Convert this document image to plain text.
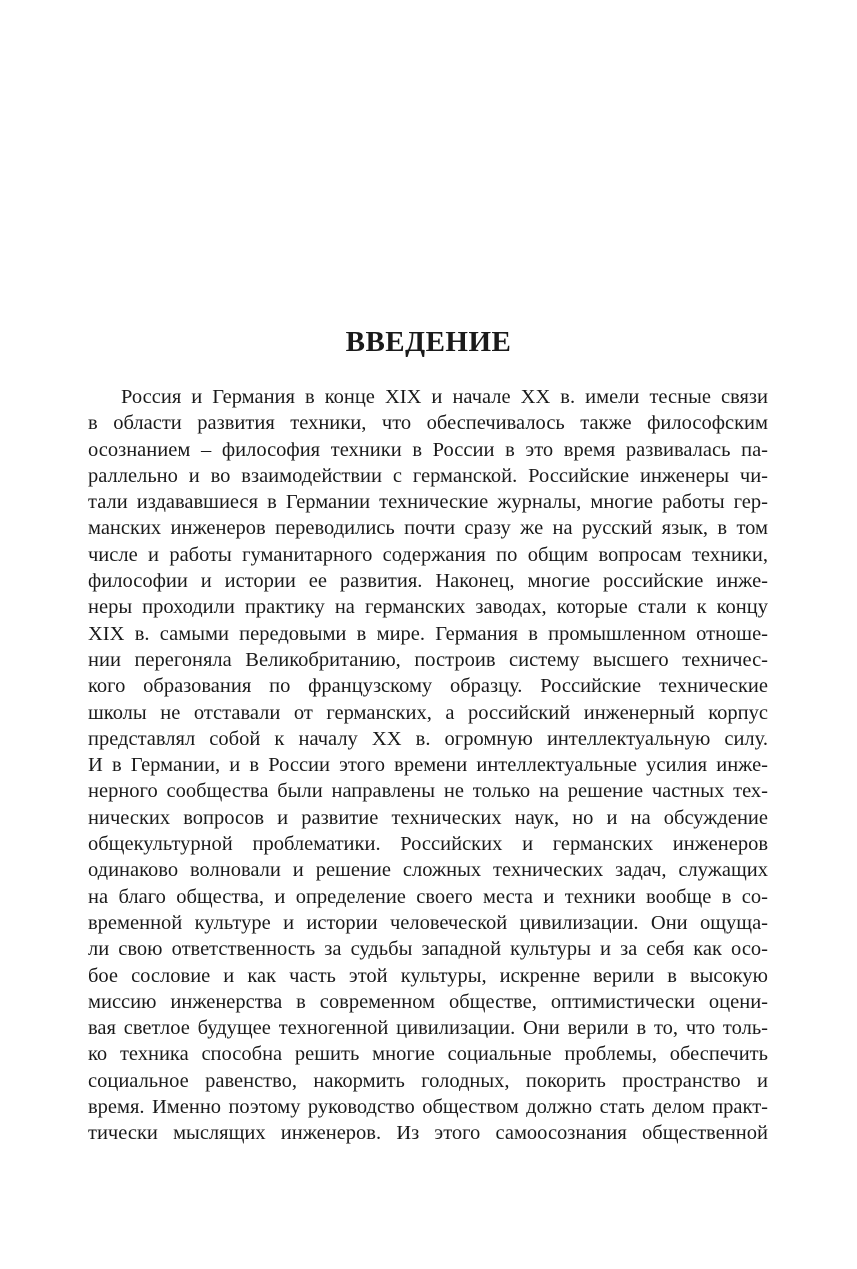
ВВЕДЕНИЕ
Россия и Германия в конце XIX и начале XX в. имели тесные связи
в области развития техники, что обеспечивалось также философским
осознанием – философия техники в России в это время развивалась па-
раллельно и во взаимодействии с германской. Российские инженеры чи-
тали издававшиеся в Германии технические журналы, многие работы гер-
манских инженеров переводились почти сразу же на русский язык, в том
числе и работы гуманитарного содержания по общим вопросам техники,
философии и истории ее развития. Наконец, многие российские инже-
неры проходили практику на германских заводах, которые стали к концу
XIX в. самыми передовыми в мире. Германия в промышленном отноше-
нии перегоняла Великобританию, построив систему высшего техничес-
кого образования по французскому образцу. Российские технические
школы не отставали от германских, а российский инженерный корпус
представлял собой к началу XX в. огромную интеллектуальную силу.
И в Германии, и в России этого времени интеллектуальные усилия инже-
нерного сообщества были направлены не только на решение частных тех-
нических вопросов и развитие технических наук, но и на обсуждение
общекультурной проблематики. Российских и германских инженеров
одинаково волновали и решение сложных технических задач, служащих
на благо общества, и определение своего места и техники вообще в со-
временной культуре и истории человеческой цивилизации. Они ощуща-
ли свою ответственность за судьбы западной культуры и за себя как осо-
бое сословие и как часть этой культуры, искренне верили в высокую
миссию инженерства в современном обществе, оптимистически оцени-
вая светлое будущее техногенной цивилизации. Они верили в то, что толь-
ко техника способна решить многие социальные проблемы, обеспечить
социальное равенство, накормить голодных, покорить пространство и
время. Именно поэтому руководство обществом должно стать делом практ-
тически мыслящих инженеров. Из этого самоосознания общественной
